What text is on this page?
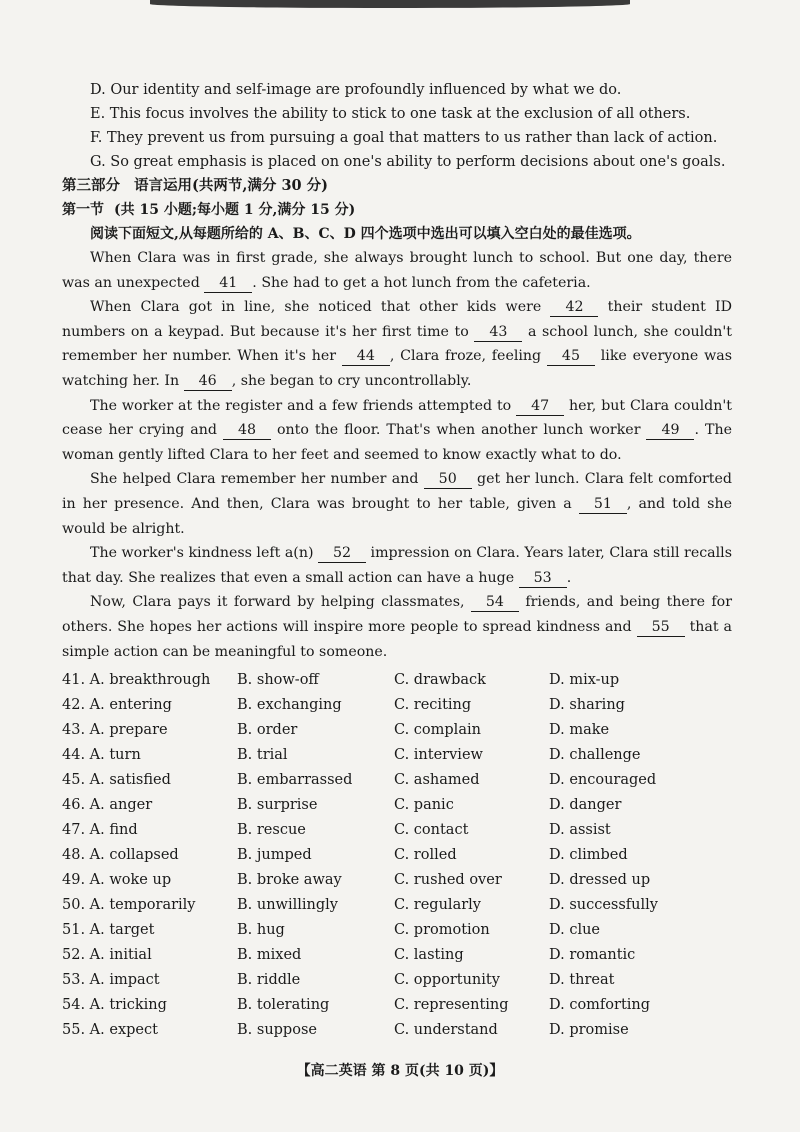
D. Our identity and self-image are profoundly influenced by what we do.

E. This focus involves the ability to stick to one task at the exclusion of all others.

F. They prevent us from pursuing a goal that matters to us rather than lack of action.

G. So great emphasis is placed on one's ability to perform decisions about one's goals.

第三部分 语言运用(共两节,满分 30 分)

第一节 (共 15 小题;每小题 1 分,满分 15 分)

阅读下面短文,从每题所给的 A、B、C、D 四个选项中选出可以填入空白处的最佳选项。

When Clara was in first grade, she always brought lunch to school. But one day, there was an unexpected 41 . She had to get a hot lunch from the cafeteria.

When Clara got in line, she noticed that other kids were 42 their student ID numbers on a keypad. But because it's her first time to 43 a school lunch, she couldn't remember her number. When it's her 44 , Clara froze, feeling 45 like everyone was watching her. In 46 , she began to cry uncontrollably.

The worker at the register and a few friends attempted to 47 her, but Clara couldn't cease her crying and 48 onto the floor. That's when another lunch worker 49 . The woman gently lifted Clara to her feet and seemed to know exactly what to do.

She helped Clara remember her number and 50 get her lunch. Clara felt comforted in her presence. And then, Clara was brought to her table, given a 51 , and told she would be alright.

The worker's kindness left a(n) 52 impression on Clara. Years later, Clara still recalls that day. She realizes that even a small action can have a huge 53 .

Now, Clara pays it forward by helping classmates, 54 friends, and being there for others. She hopes her actions will inspire more people to spread kindness and 55 that a simple action can be meaningful to someone.

41. A. breakthrough	B. show-off	C. drawback	D. mix-up
42. A. entering	B. exchanging	C. reciting	D. sharing
43. A. prepare	B. order	C. complain	D. make
44. A. turn	B. trial	C. interview	D. challenge
45. A. satisfied	B. embarrassed	C. ashamed	D. encouraged
46. A. anger	B. surprise	C. panic	D. danger
47. A. find	B. rescue	C. contact	D. assist
48. A. collapsed	B. jumped	C. rolled	D. climbed
49. A. woke up	B. broke away	C. rushed over	D. dressed up
50. A. temporarily	B. unwillingly	C. regularly	D. successfully
51. A. target	B. hug	C. promotion	D. clue
52. A. initial	B. mixed	C. lasting	D. romantic
53. A. impact	B. riddle	C. opportunity	D. threat
54. A. tricking	B. tolerating	C. representing	D. comforting
55. A. expect	B. suppose	C. understand	D. promise
【高二英语 第 8 页(共 10 页)】
